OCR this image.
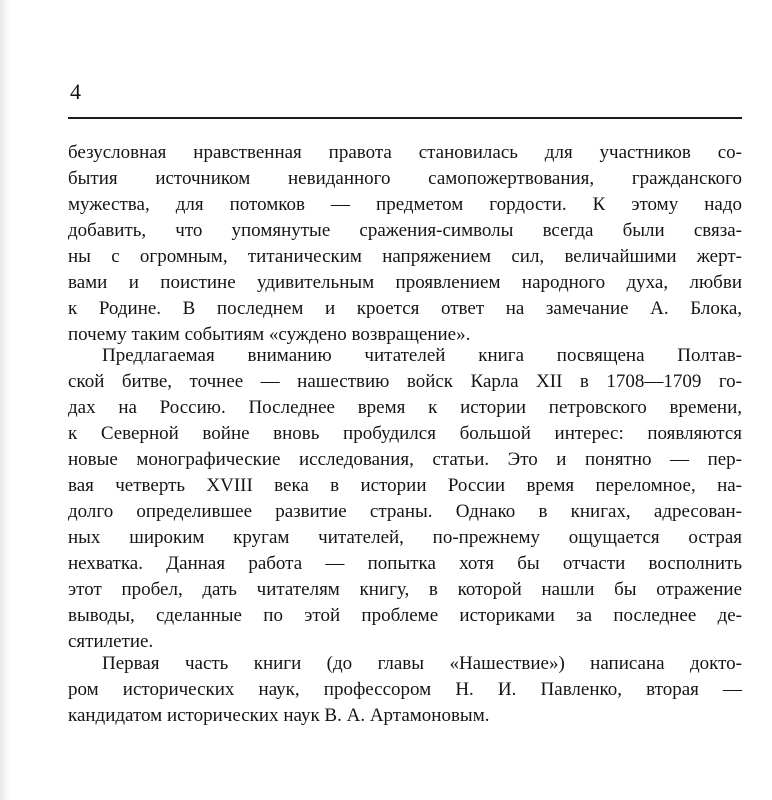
4
безусловная нравственная правота становилась для участников со-
бытия источником невиданного самопожертвования, гражданского
мужества, для потомков — предметом гордости. К этому надо
добавить, что упомянутые сражения-символы всегда были связа-
ны с огромным, титаническим напряжением сил, величайшими жерт-
вами и поистине удивительным проявлением народного духа, любви
к Родине. В последнем и кроется ответ на замечание А. Блока,
почему таким событиям «суждено возвращение».
Предлагаемая вниманию читателей книга посвящена Полтав-
ской битве, точнее — нашествию войск Карла XII в 1708—1709 го-
дах на Россию. Последнее время к истории петровского времени,
к Северной войне вновь пробудился большой интерес: появляются
новые монографические исследования, статьи. Это и понятно — пер-
вая четверть XVIII века в истории России время переломное, на-
долго определившее развитие страны. Однако в книгах, адресован-
ных широким кругам читателей, по-прежнему ощущается острая
нехватка. Данная работа — попытка хотя бы отчасти восполнить
этот пробел, дать читателям книгу, в которой нашли бы отражение
выводы, сделанные по этой проблеме историками за последнее де-
сятилетие.
Первая часть книги (до главы «Нашествие») написана докто-
ром исторических наук, профессором Н. И. Павленко, вторая —
кандидатом исторических наук В. А. Артамоновым.
